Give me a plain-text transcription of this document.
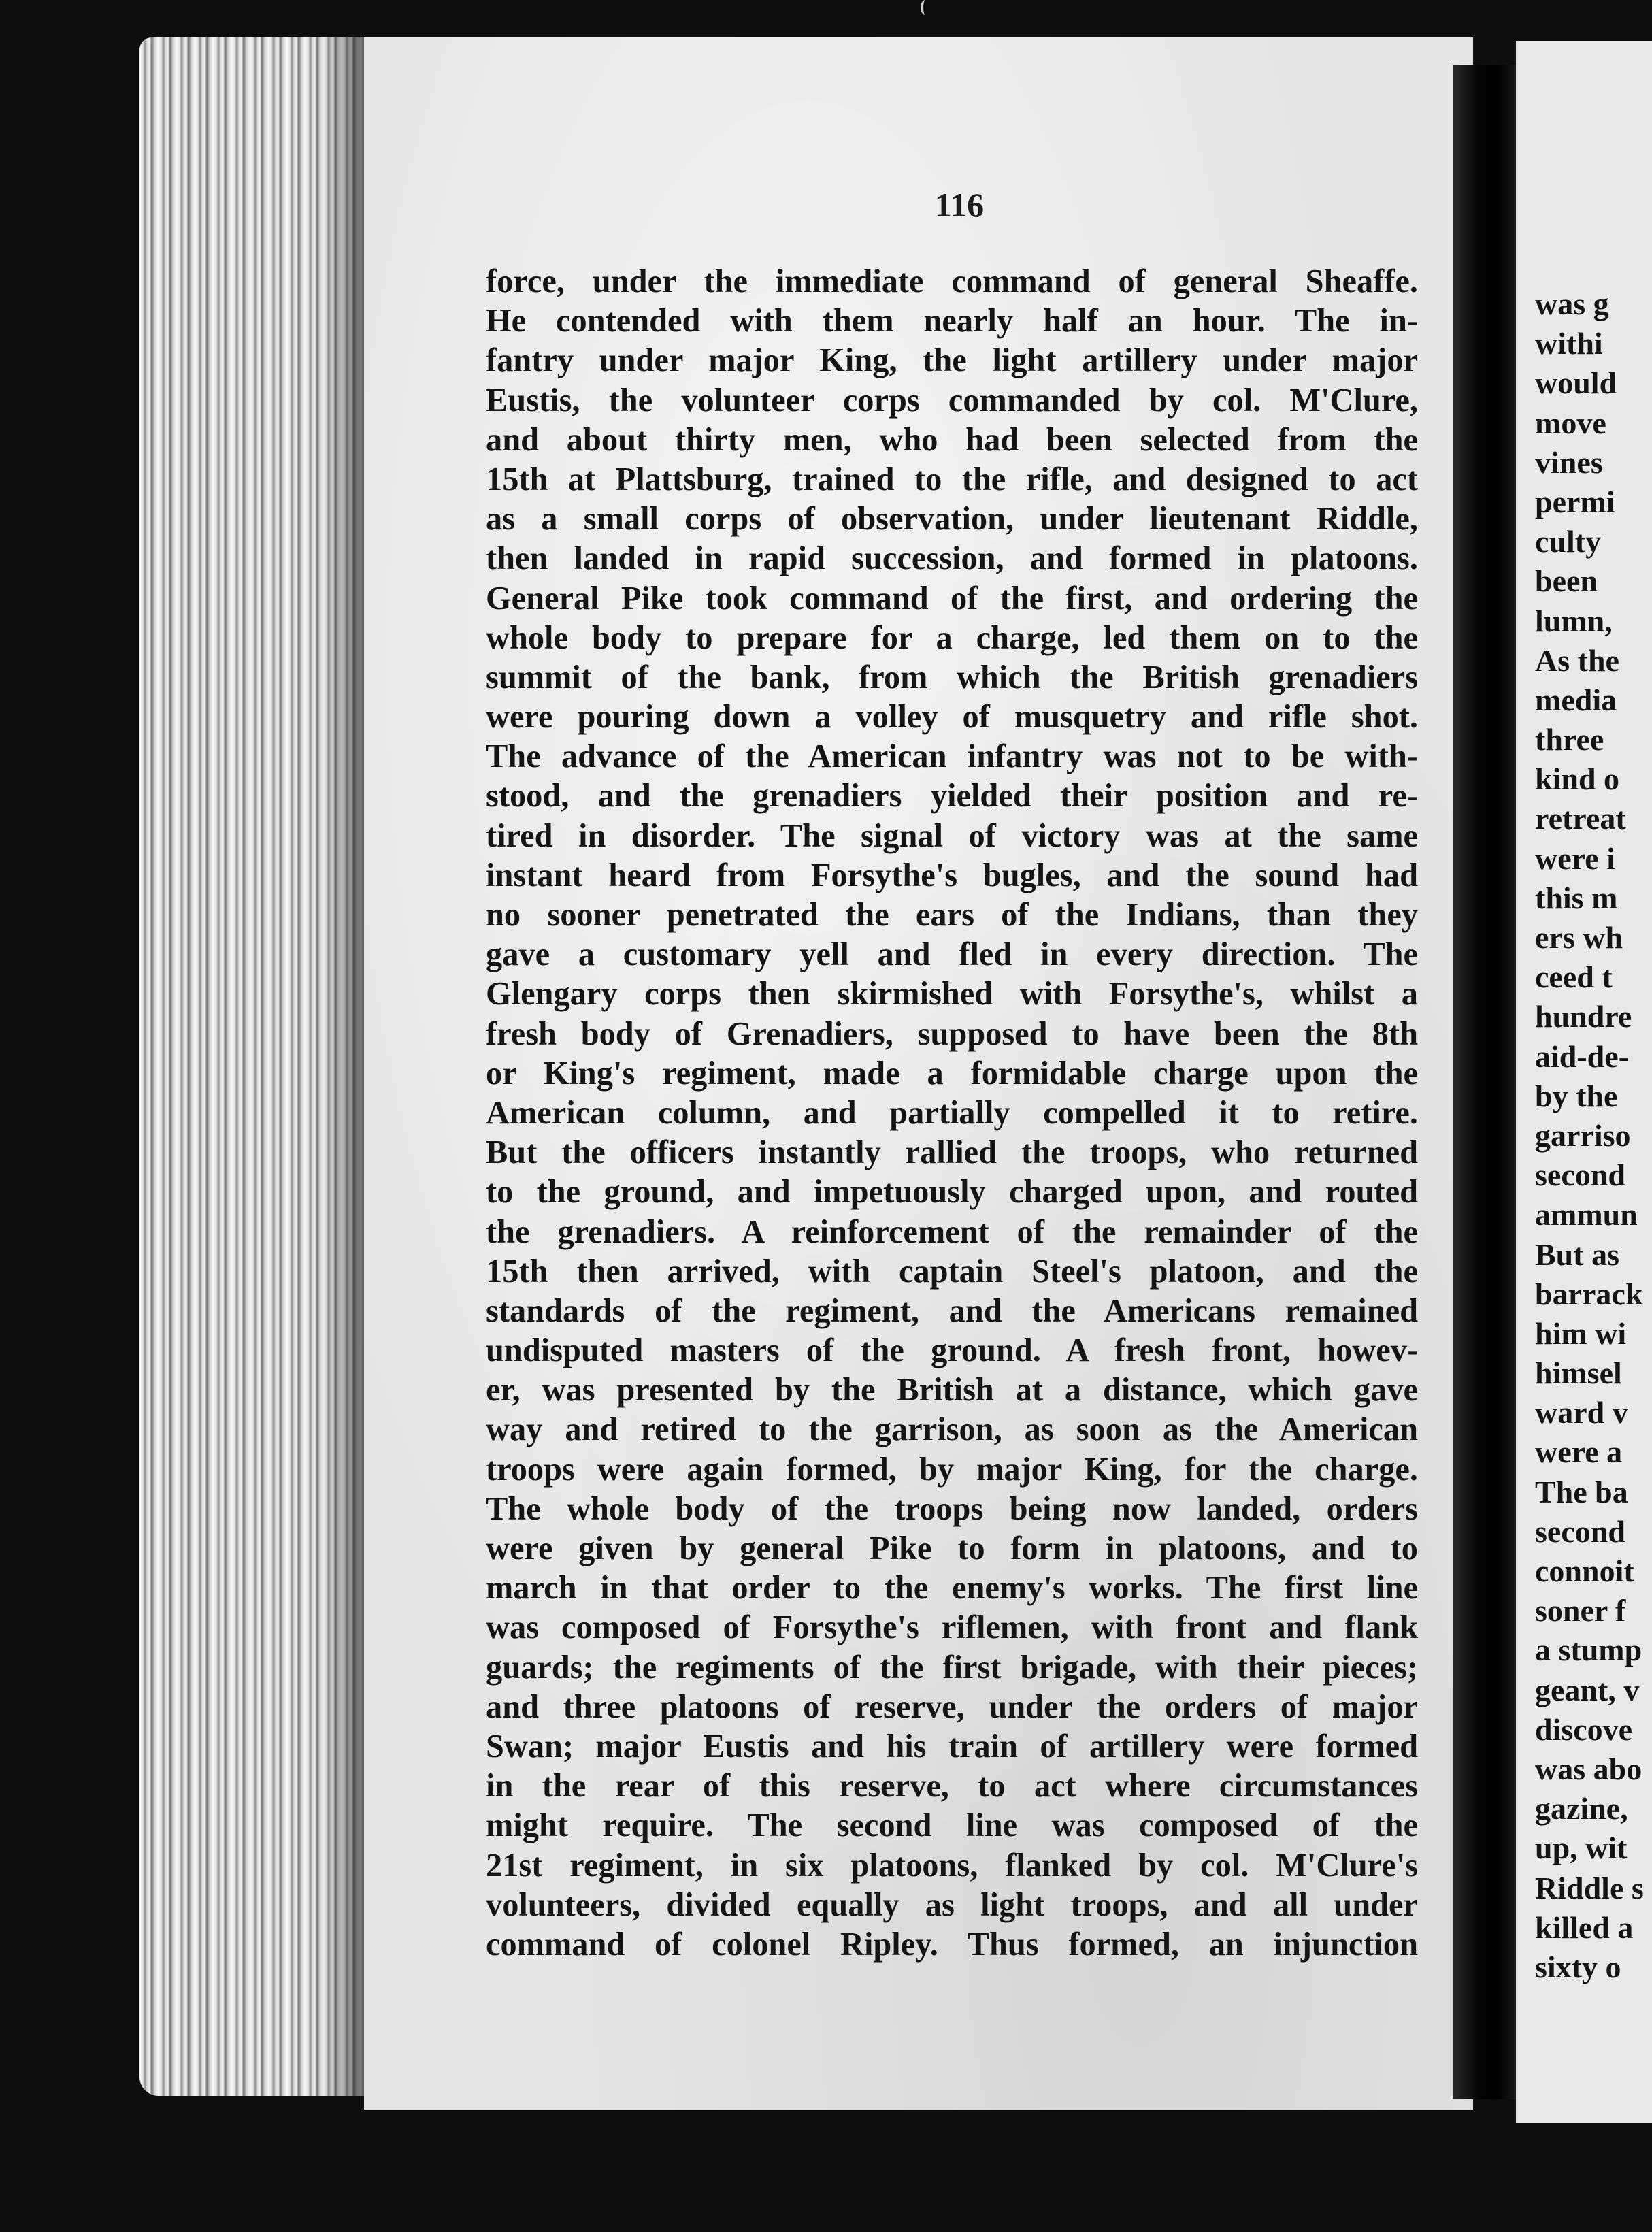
116
force, under the immediate command of general Sheaffe.
He contended with them nearly half an hour. The in-
fantry under major King, the light artillery under major
Eustis, the volunteer corps commanded by col. M'Clure,
and about thirty men, who had been selected from the
15th at Plattsburg, trained to the rifle, and designed to act
as a small corps of observation, under lieutenant Riddle,
then landed in rapid succession, and formed in platoons.
General Pike took command of the first, and ordering the
whole body to prepare for a charge, led them on to the
summit of the bank, from which the British grenadiers
were pouring down a volley of musquetry and rifle shot.
The advance of the American infantry was not to be with-
stood, and the grenadiers yielded their position and re-
tired in disorder. The signal of victory was at the same
instant heard from Forsythe's bugles, and the sound had
no sooner penetrated the ears of the Indians, than they
gave a customary yell and fled in every direction. The
Glengary corps then skirmished with Forsythe's, whilst a
fresh body of Grenadiers, supposed to have been the 8th
or King's regiment, made a formidable charge upon the
American column, and partially compelled it to retire.
But the officers instantly rallied the troops, who returned
to the ground, and impetuously charged upon, and routed
the grenadiers. A reinforcement of the remainder of the
15th then arrived, with captain Steel's platoon, and the
standards of the regiment, and the Americans remained
undisputed masters of the ground. A fresh front, howev-
er, was presented by the British at a distance, which gave
way and retired to the garrison, as soon as the American
troops were again formed, by major King, for the charge.
The whole body of the troops being now landed, orders
were given by general Pike to form in platoons, and to
march in that order to the enemy's works. The first line
was composed of Forsythe's riflemen, with front and flank
guards; the regiments of the first brigade, with their pieces;
and three platoons of reserve, under the orders of major
Swan; major Eustis and his train of artillery were formed
in the rear of this reserve, to act where circumstances
might require. The second line was composed of the
21st regiment, in six platoons, flanked by col. M'Clure's
volunteers, divided equally as light troops, and all under
command of colonel Ripley. Thus formed, an injunction
was g
withi
would
move
vines
permi
culty
been
lumn,
As the
media
three
kind o
retreat
were i
this m
ers wh
ceed t
hundre
aid-de-
by the
garriso
second
ammun
But as
barrack
him wi
himsel
ward v
were a
The ba
second
connoit
soner f
a stump
geant, v
discove
was abo
gazine,
up, wit
Riddle s
killed a
sixty o
